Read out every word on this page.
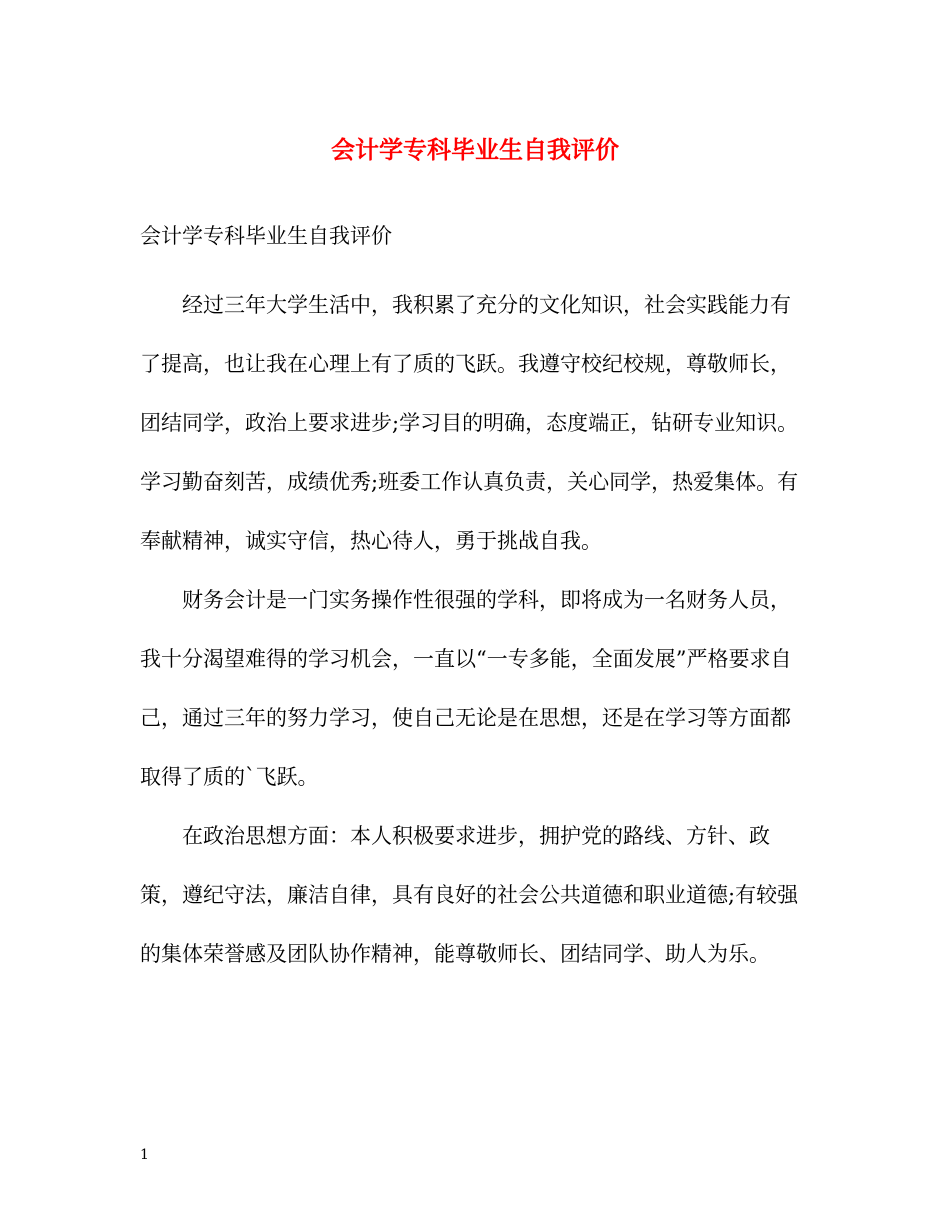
会计学专科毕业生自我评价
会计学专科毕业生自我评价

经过三年大学生活中，我积累了充分的文化知识，社会实践能力有了提高，也让我在心理上有了质的飞跃。我遵守校纪校规，尊敬师长，团结同学，政治上要求进步;学习目的明确，态度端正，钻研专业知识。学习勤奋刻苦，成绩优秀;班委工作认真负责，关心同学，热爱集体。有奉献精神，诚实守信，热心待人，勇于挑战自我。

财务会计是一门实务操作性很强的学科，即将成为一名财务人员，我十分渴望难得的学习机会，一直以“一专多能，全面发展”严格要求自己，通过三年的努力学习，使自己无论是在思想，还是在学习等方面都取得了质的`飞跃。

在政治思想方面：本人积极要求进步，拥护党的路线、方针、政策，遵纪守法，廉洁自律，具有良好的社会公共道德和职业道德;有较强的集体荣誉感及团队协作精神，能尊敬师长、团结同学、助人为乐。

1
